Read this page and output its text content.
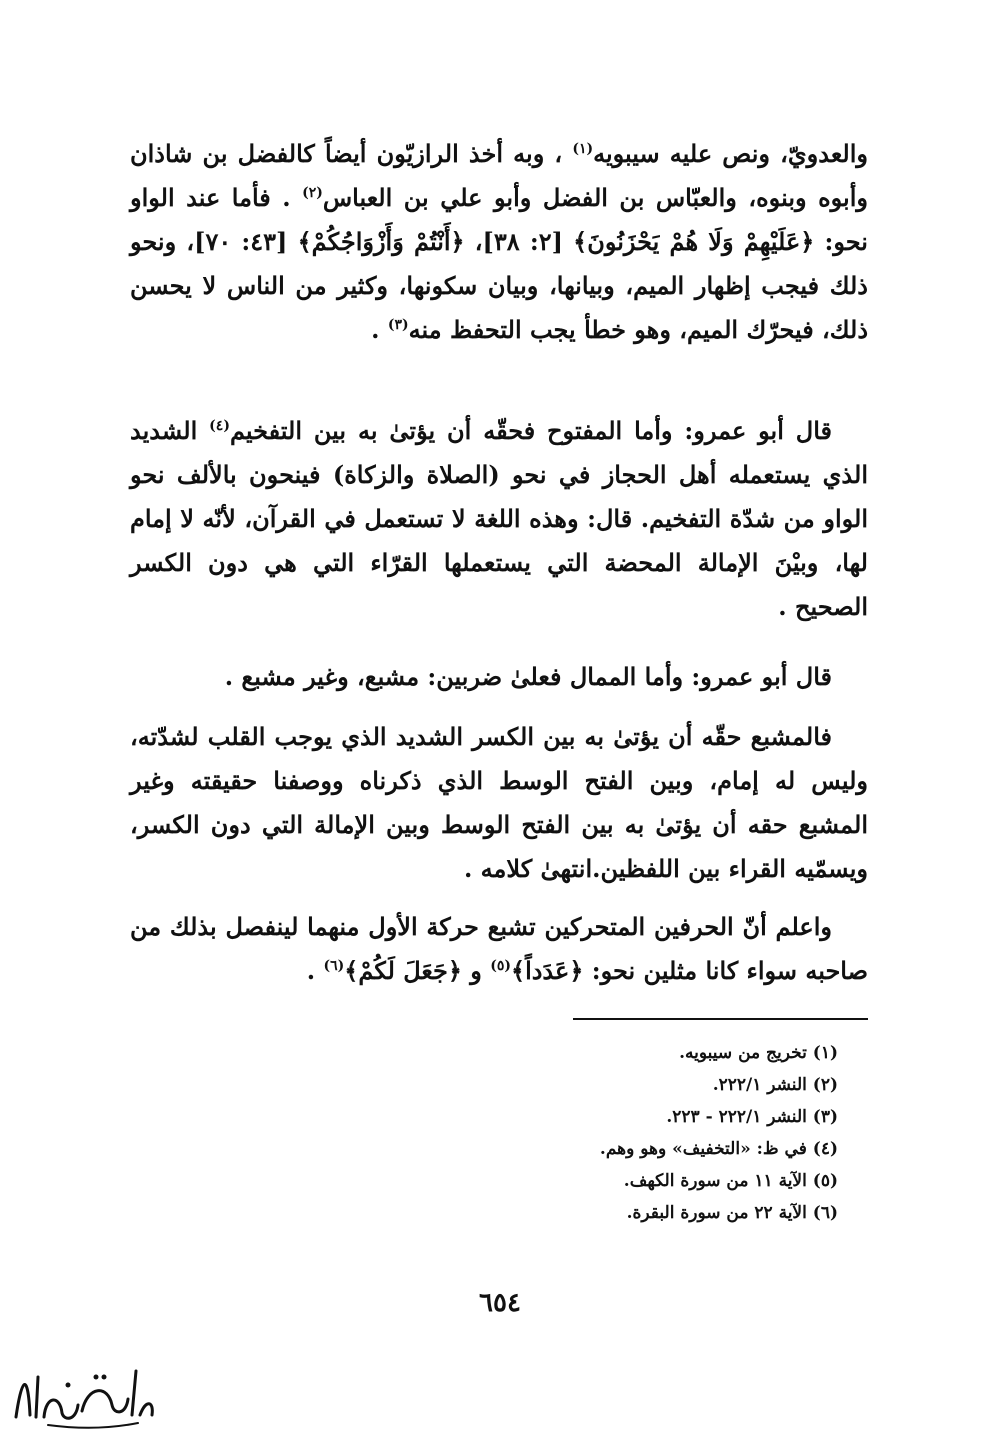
والعدويّ، ونص عليه سيبويه$^{(١)}$ ، وبه أخذ الرازيّون أيضاً كالفضل بن شاذان وأبوه وبنوه، والعبّاس بن الفضل وأبو علي بن العباس$^{(٢)}$ . فأما عند الواو نحو: ﴿عَلَيْهِمْ وَلَا هُمْ يَحْزَنُونَ﴾ [٢: ٣٨]، ﴿أَنْتُمْ وَأَزْوَاجُكُمْ﴾ [٤٣: ٧٠]، ونحو ذلك فيجب إظهار الميم، وبيانها، وبيان سكونها، وكثير من الناس لا يحسن ذلك، فيحرّك الميم، وهو خطأ يجب التحفظ منه$^{(٣)}$ .
قال أبو عمرو: وأما المفتوح فحقّه أن يؤتىٰ به بين التفخيم$^{(٤)}$ الشديد الذي يستعمله أهل الحجاز في نحو (الصلاة والزكاة) فينحون بالألف نحو الواو من شدّة التفخيم. قال: وهذه اللغة لا تستعمل في القرآن، لأنّه لا إمام لها، وبيْنَ الإمالة المحضة التي يستعملها القرّاء التي هي دون الكسر الصحيح .
قال أبو عمرو: وأما الممال فعلىٰ ضربين: مشبع، وغير مشبع .
فالمشبع حقّه أن يؤتىٰ به بين الكسر الشديد الذي يوجب القلب لشدّته، وليس له إمام، وبين الفتح الوسط الذي ذكرناه ووصفنا حقيقته وغير المشبع حقه أن يؤتىٰ به بين الفتح الوسط وبين الإمالة التي دون الكسر، ويسمّيه القراء بين اللفظين.انتهىٰ كلامه .
واعلم أنّ الحرفين المتحركين تشبع حركة الأول منهما لينفصل بذلك من صاحبه سواء كانا مثلين نحو: ﴿عَدَداً﴾$^{(٥)}$ و ﴿جَعَلَ لَكُمْ﴾$^{(٦)}$ .
(١) تخريج من سيبويه.
(٢) النشر ٢٢٢/١.
(٣) النشر ٢٢٢/١ - ٢٢٣.
(٤) في ظ: «التخفيف» وهو وهم.
(٥) الآية ١١ من سورة الكهف.
(٦) الآية ٢٢ من سورة البقرة.
٦٥٤
